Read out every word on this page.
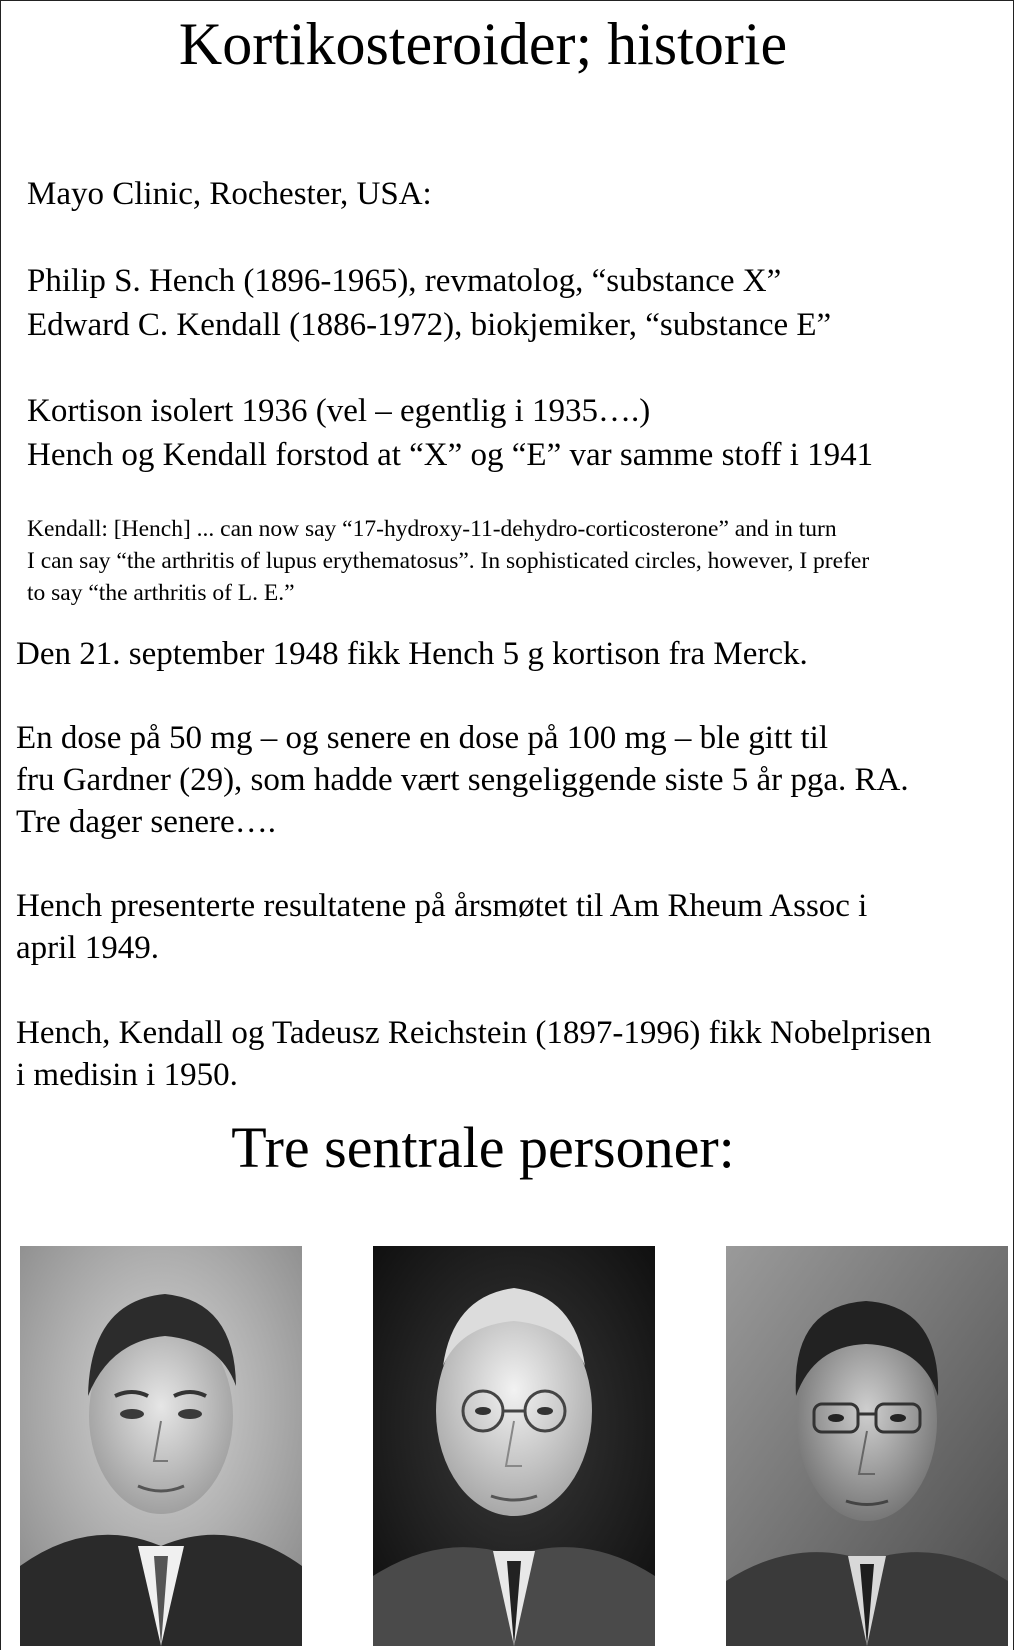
Kortikosteroider; historie
Mayo Clinic, Rochester, USA:
Philip S. Hench (1896-1965), revmatolog, “substance X”
Edward C. Kendall (1886-1972), biokjemiker, “substance E”
Kortison isolert 1936 (vel – egentlig i 1935….)
Hench og Kendall forstod at “X” og “E” var samme stoff i 1941
Kendall: [Hench] ... can now say “17-hydroxy-11-dehydro-corticosterone” and in turn
I can say “the arthritis of lupus erythematosus”. In sophisticated circles, however, I prefer
to say “the arthritis of L. E.”
Den 21. september 1948 fikk Hench 5 g kortison fra Merck.
En dose på 50 mg – og senere en dose på 100 mg – ble gitt til
fru Gardner (29), som hadde vært sengeliggende siste 5 år pga. RA.
Tre dager senere….
Hench presenterte resultatene på årsmøtet til Am Rheum Assoc i
april 1949.
Hench, Kendall og Tadeusz Reichstein (1897-1996) fikk Nobelprisen
i medisin i 1950.
Tre sentrale personer:
